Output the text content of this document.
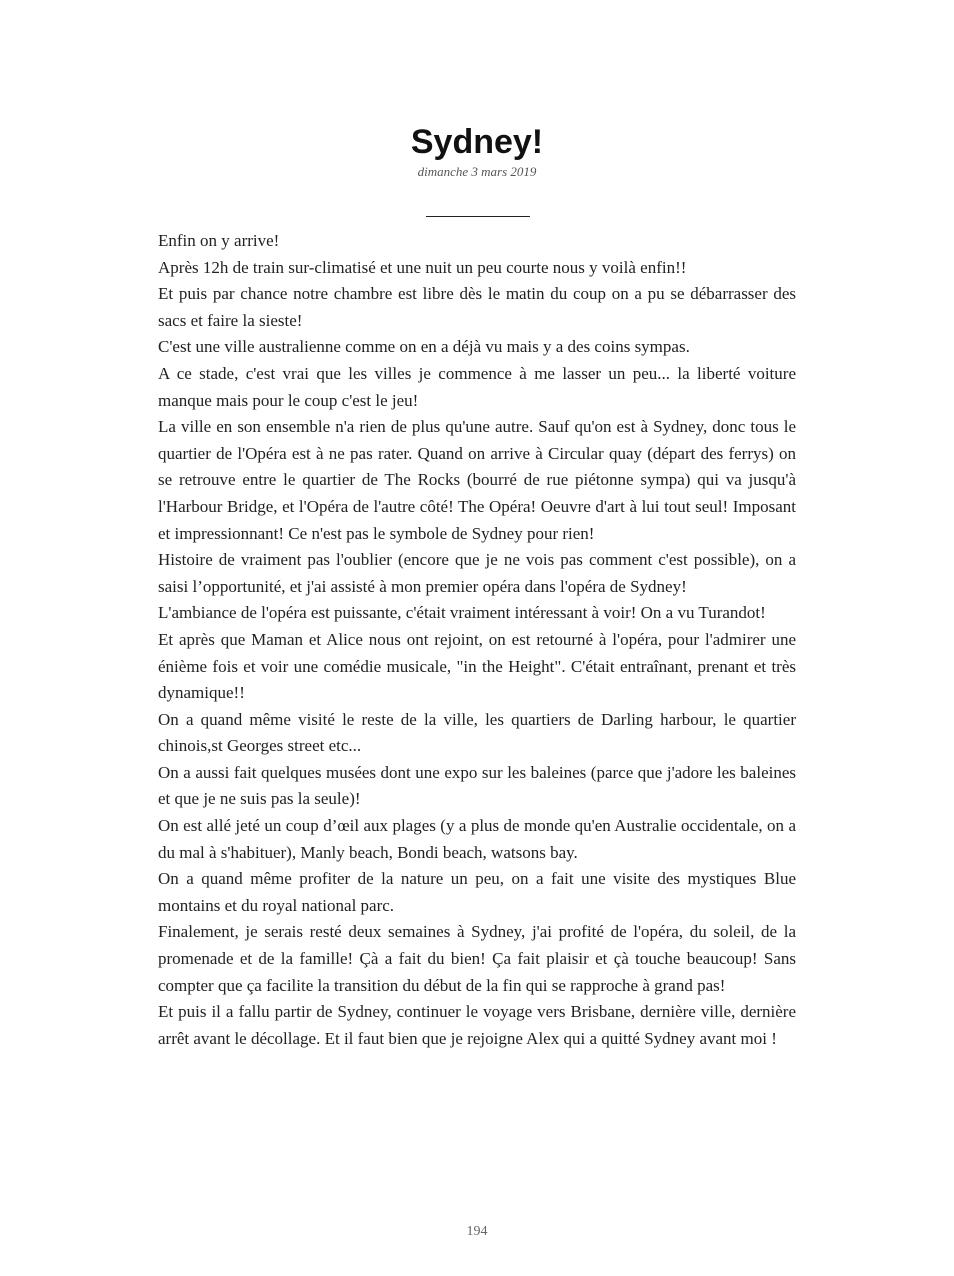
Sydney!
dimanche 3 mars 2019

Enfin on y arrive!

Après 12h de train sur-climatisé et une nuit un peu courte nous y voilà enfin!!

Et puis par chance notre chambre est libre dès le matin du coup on a pu se débarrasser des sacs et faire la sieste!

C'est une ville australienne comme on en a déjà vu mais y a des coins sympas.

A ce stade, c'est vrai que les villes je commence à me lasser un peu... la liberté voiture manque mais pour le coup c'est le jeu!

La ville en son ensemble n'a rien de plus qu'une autre. Sauf qu'on est à Sydney, donc tous le quartier de l'Opéra est à ne pas rater. Quand on arrive à Circular quay (départ des ferrys) on se retrouve entre le quartier de The Rocks (bourré de rue piétonne sympa) qui va jusqu'à l'Harbour Bridge, et l'Opéra de l'autre côté! The Opéra! Oeuvre d'art à lui tout seul! Imposant et impressionnant! Ce n'est pas le symbole de Sydney pour rien!

Histoire de vraiment pas l'oublier (encore que je ne vois pas comment c'est possible), on a saisi l’opportunité, et j'ai assisté à mon premier opéra dans l'opéra de Sydney!

L'ambiance de l'opéra est puissante, c'était vraiment intéressant à voir! On a vu Turandot!

Et après que Maman et Alice nous ont rejoint, on est retourné à l'opéra, pour l'admirer une énième fois et voir une comédie musicale, "in the Height". C'était entraînant, prenant et très dynamique!!

On a quand même visité le reste de la ville, les quartiers de Darling harbour, le quartier chinois,st Georges street etc...

On a aussi fait quelques musées dont une expo sur les baleines (parce que j'adore les baleines et que je ne suis pas la seule)!

On est allé jeté un coup d’œil aux plages (y a plus de monde qu'en Australie occidentale, on a du mal à s'habituer), Manly beach, Bondi beach, watsons bay.

On a quand même profiter de la nature un peu, on a fait une visite des mystiques Blue montains et du royal national parc.

Finalement, je serais resté deux semaines à Sydney, j'ai profité de l'opéra, du soleil, de la promenade et de la famille! Çà a fait du bien! Ça fait plaisir et çà touche beaucoup! Sans compter que ça facilite la transition du début de la fin qui se rapproche à grand pas!

Et puis il a fallu partir de Sydney, continuer le voyage vers Brisbane, dernière ville, dernière arrêt avant le décollage. Et il faut bien que je rejoigne Alex qui a quitté Sydney avant moi !

194
